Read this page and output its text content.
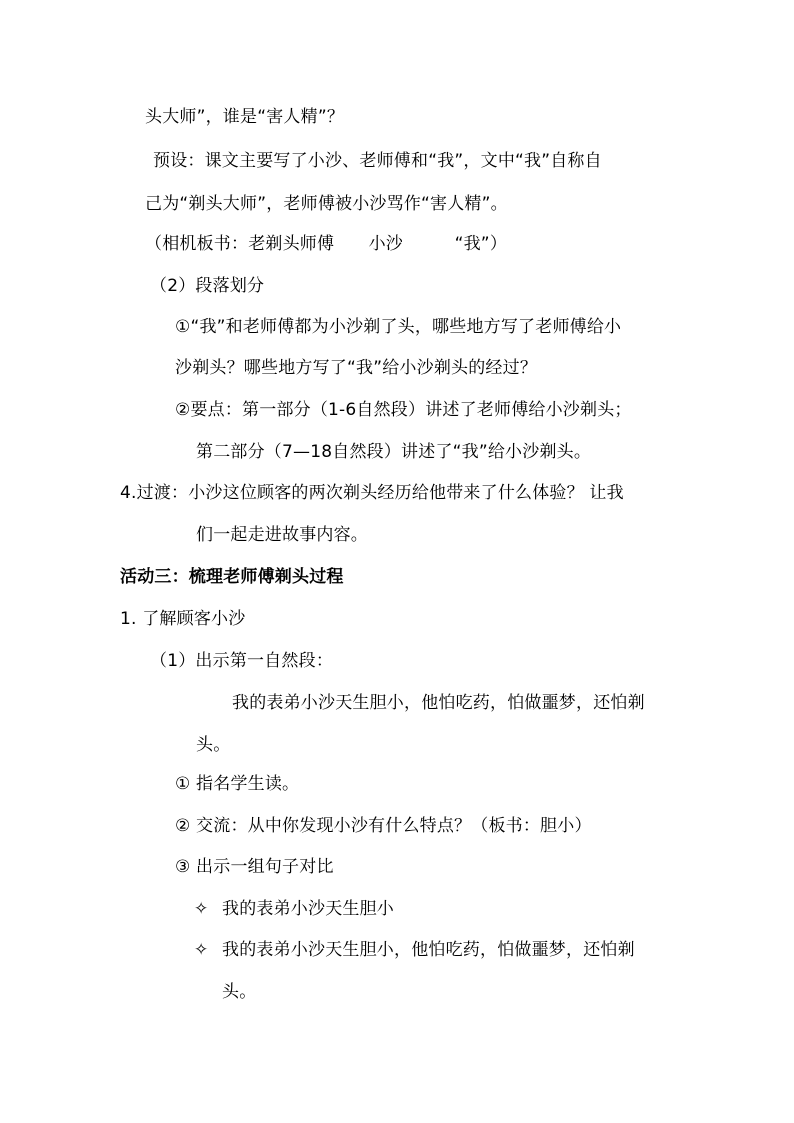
头大师”，谁是“害人精”？
预设：课文主要写了小沙、老师傅和“我”，文中“我”自称自
己为“剃头大师”，老师傅被小沙骂作“害人精”。
（相机板书：老剃头师傅　　小沙　　　“我”）
（2）段落划分
①“我”和老师傅都为小沙剃了头，哪些地方写了老师傅给小
沙剃头？哪些地方写了“我”给小沙剃头的经过？
②要点：第一部分（1-6自然段）讲述了老师傅给小沙剃头；
第二部分（7—18自然段）讲述了“我”给小沙剃头。
4.过渡：小沙这位顾客的两次剃头经历给他带来了什么体验？ 让我
们一起走进故事内容。
活动三：梳理老师傅剃头过程
1. 了解顾客小沙
（1）出示第一自然段：
我的表弟小沙天生胆小，他怕吃药，怕做噩梦，还怕剃
头。
① 指名学生读。
② 交流：从中你发现小沙有什么特点？（板书：胆小）
③ 出示一组句子对比
✧ 我的表弟小沙天生胆小
✧ 我的表弟小沙天生胆小，他怕吃药，怕做噩梦，还怕剃
头。
